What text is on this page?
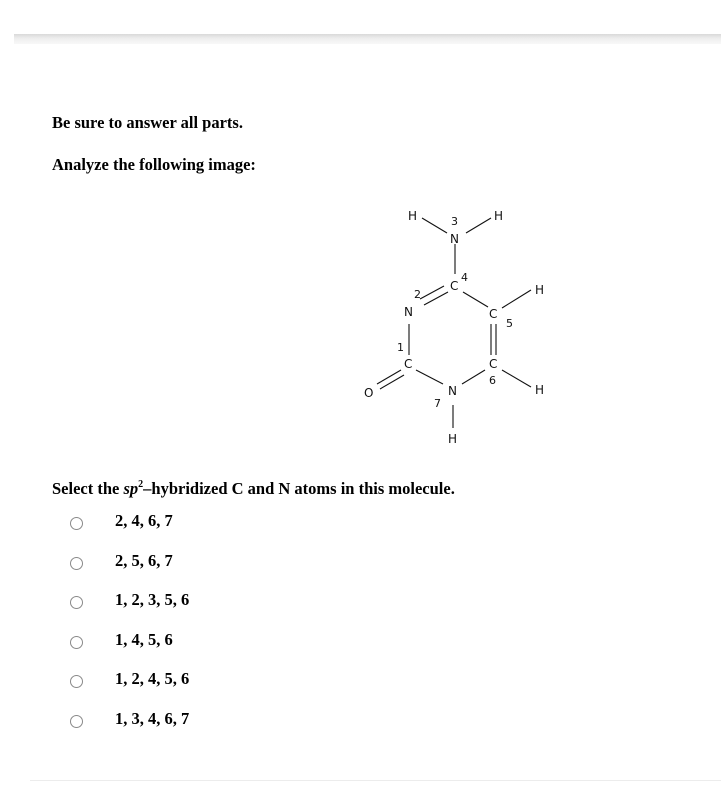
Be sure to answer all parts.
Analyze the following image:
H	H
N
C
N	C
H
C	C
H
O	N
H
3
4
2
5
1
6
7
Select the $sp^2$–hybridized C and N atoms in this molecule.
2, 4, 6, 7
2, 5, 6, 7
1, 2, 3, 5, 6
1, 4, 5, 6
1, 2, 4, 5, 6
1, 3, 4, 6, 7
